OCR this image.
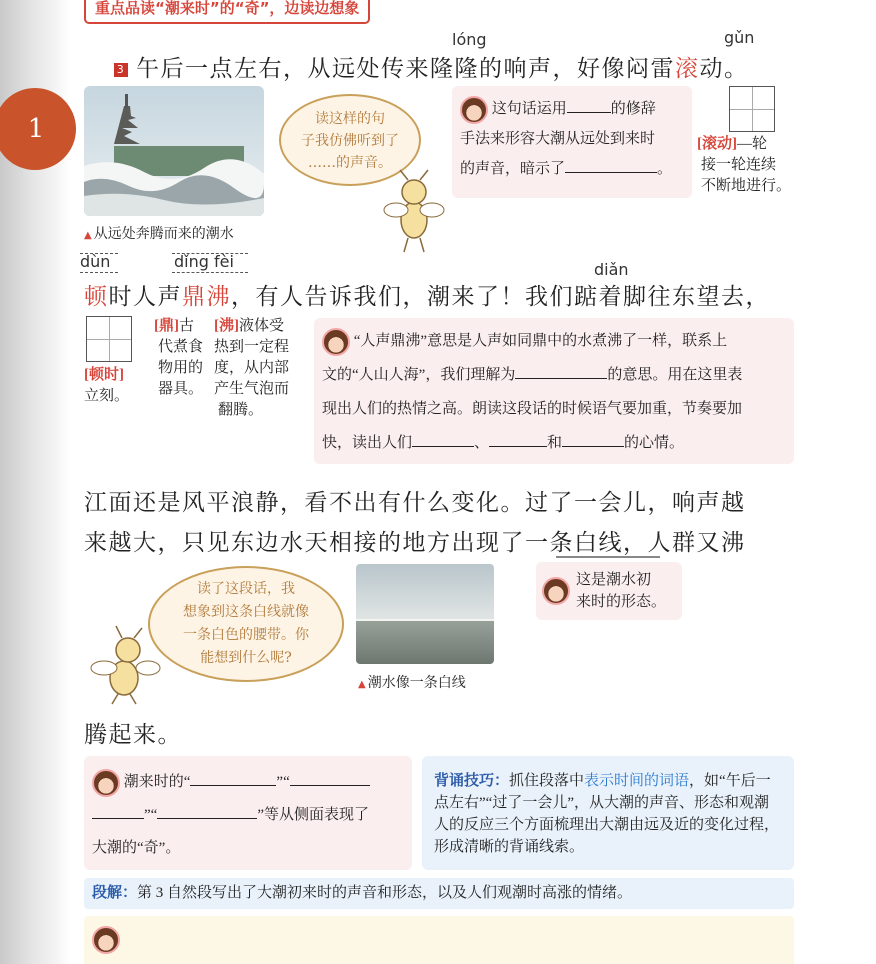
1
重点品读“潮来时”的“奇”，边读边想象
lóng	gǔn
3 午后一点左右，从远处传来隆隆的响声，好像闷雷滚动。
▲ 从远处奔腾而来的潮水
读这样的句
子我仿佛听到了
……的声音。
这句话运用	的修辞
手法来形容大潮从远处到来时
的声音，暗示了	。
[滚动]—轮
接一轮连续
不断地进行。
dùn	dǐng fèi	diǎn
顿时人声鼎沸，有人告诉我们，潮来了！我们踮着脚往东望去，
[顿时]
立刻。
[鼎]古
代煮食
物用的
器具。
[沸]液体受
热到一定程
度，从内部
产生气泡而
翻腾。
“人声鼎沸”意思是人声如同鼎中的水煮沸了一样，联系上
文的“人山人海”，我们理解为	的意思。用在这里表
现出人们的热情之高。朗读这段话的时候语气要加重，节奏要加
快，读出人们	、	和	的心情。
江面还是风平浪静，看不出有什么变化。过了一会儿，响声越
来越大，只见东边水天相接的地方出现了一条白线，人群又沸
读了这段话，我
想象到这条白线就像
一条白色的腰带。你
能想到什么呢?
▲ 潮水像一条白线
这是潮水初
来时的形态。
腾起来。
潮来时的“	”“
”“	”等从侧面表现了
大潮的“奇”。
背诵技巧：抓住段落中表示时间的词语，如“午后一点左右”“过了一会儿”，从大潮的声音、形态和观潮人的反应三个方面梳理出大潮由远及近的变化过程，形成清晰的背诵线索。
段解：第 3 自然段写出了大潮初来时的声音和形态，以及人们观潮时高涨的情绪。
